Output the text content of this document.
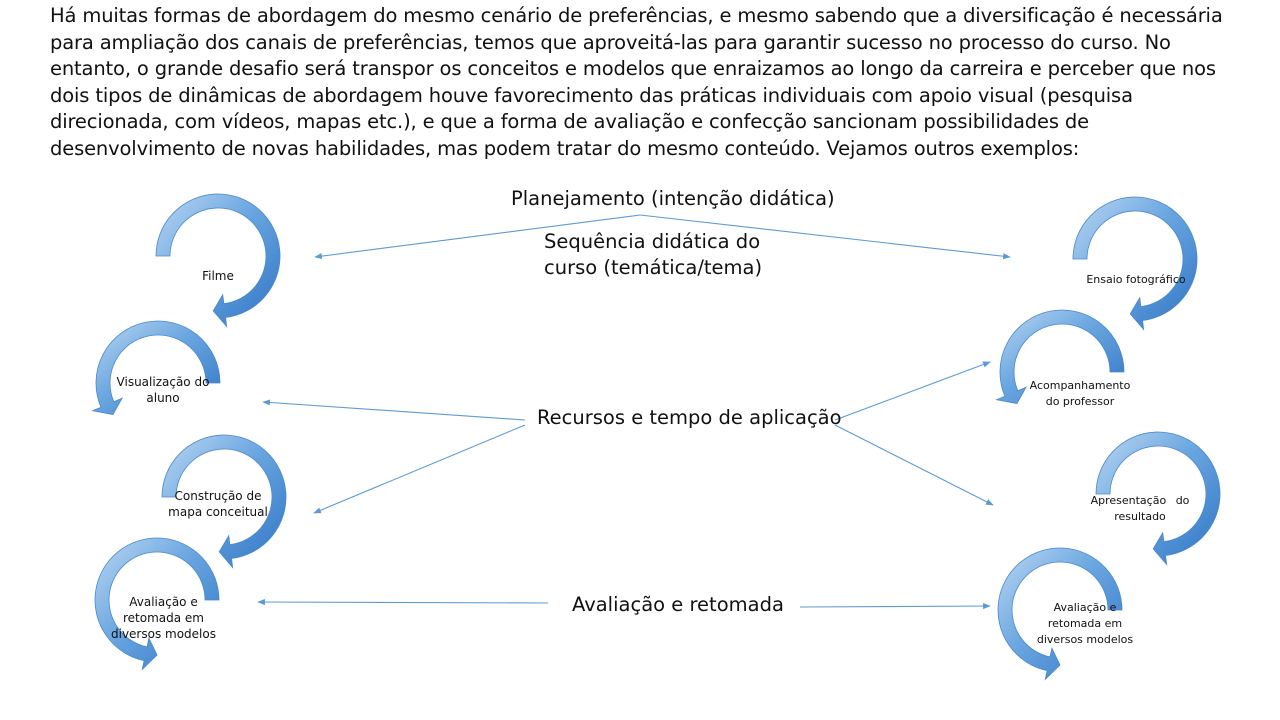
Há muitas formas de abordagem do mesmo cenário de preferências, e mesmo sabendo que a diversificação é necessária para ampliação dos canais de preferências, temos que aproveitá-las para garantir sucesso no processo do curso. No entanto, o grande desafio será transpor os conceitos e modelos que enraizamos ao longo da carreira e perceber que nos dois tipos de dinâmicas de abordagem houve favorecimento das práticas individuais com apoio visual (pesquisa direcionada, com vídeos, mapas etc.), e que a forma de avaliação e confecção sancionam possibilidades de desenvolvimento de novas habilidades, mas podem tratar do mesmo conteúdo. Vejamos outros exemplos:

Planejamento (intenção didática)
Sequência didática do curso (temática/tema)
Recursos e tempo de aplicação
Avaliação e retomada
Filme
Visualização do aluno
Construção de mapa conceitual
Avaliação e retomada em diversos modelos
Ensaio fotográfico
Acompanhamento do professor
Apresentação do resultado
Avaliação e retomada em diversos modelos
